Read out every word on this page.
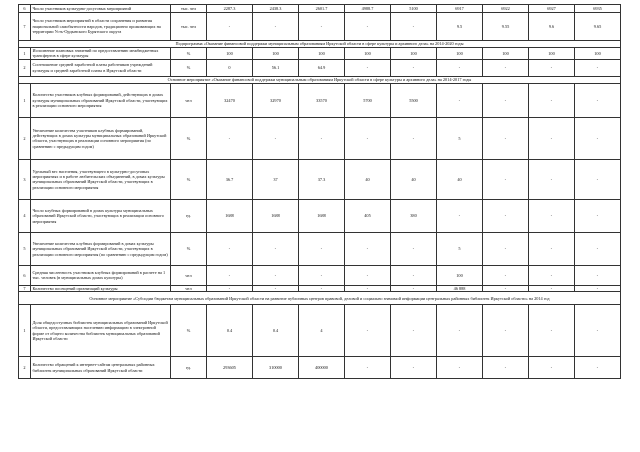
6	Число участников культурно-досуговых мероприятий	тыс. чел	2287.3	2438.3	2601.7	4988.7	5100	6917	6922	6927	6935
7	Число участников мероприятий в области сохранения и развития национальной самобытности народов, традиционно проживающих на территории Усть-Ордынского Бурятского округа	тыс. чел	-	-	-	-	-	9.5	9.55	9.6	9.65
Подпрограмма «Оказание финансовой поддержки муниципальным образованиям Иркутской области в сфере культуры и архивного дела» на 2014-2020 годы											
1	Исполнение плановых значений по предоставлению межбюджетных трансфертов в сфере культуры	%	100	100	100	100	100	100	100	100	100
2	Соотношение средней заработной платы работников учреждений культуры и средней заработной платы в Иркутской области	%	0	56.1	64.9	-	-	-	-	-	-
Основное мероприятие «Оказание финансовой поддержки муниципальным образованиям Иркутской области в сфере культуры и архивного дела» на 2014-2017 годы											
1	Количество участников клубных формирований, действующих в домах культуры муниципальных образований Иркутской области, участвующих в реализации основного мероприятия	чел	32470	32970	33570	5700	5500	-	-	-	-
2	Увеличение количества участников клубных формирований, действующих в домах культуры муниципальных образований Иркутской области, участвующих в реализации основного мероприятия (по сравнению с предыдущим годом)	%	-	-	-	-	-	5	-	-	-
3	Удельный вес населения, участвующего в культурно-досуговых мероприятиях и в работе любительских объединений, в домах культуры муниципальных образований Иркутской области, участвующих в реализации основного мероприятия	%	36.7	37	37.3	40	40	40	-	-	-
4	Число клубных формирований в домах культуры муниципальных образований Иркутской области, участвующих в реализации основного мероприятия	ед.	1688	1688	1688	405	380	-	-	-	-
5	Увеличение количества клубных формирований в домах культуры муниципальных образований Иркутской области, участвующих в реализации основного мероприятия (по сравнению с предыдущим годом)	%	-	-	-	-	-	5	-	-	-
6	Средняя численность участников клубных формирований в расчете на 1 тыс. человек (в муниципальных домах культуры)	чел	-	-	-	-	-	100	-	-	-
7	Количество посещений организаций культуры	чел	-	-	-	-	-	46 888	-	-	-
Основное мероприятие «Субсидии бюджетам муниципальных образований Иркутской области на развитие публичных центров правовой, деловой и социально значимой информации центральных районных библиотек Иркутской области» на 2014 год											
1	Доля общедоступных библиотек муниципальных образований Иркутской области, предоставляющих населению информацию в электронной форме от общего количества библиотек муниципальных образований Иркутской области	%	0.4	0.4	4	-	-	-	-	-	-
2	Количество обращений к интернет-сайтам центральных районных библиотек муниципальных образований Иркутской области	ед.	293605	310000	400000	-	-	-	-	-	-
